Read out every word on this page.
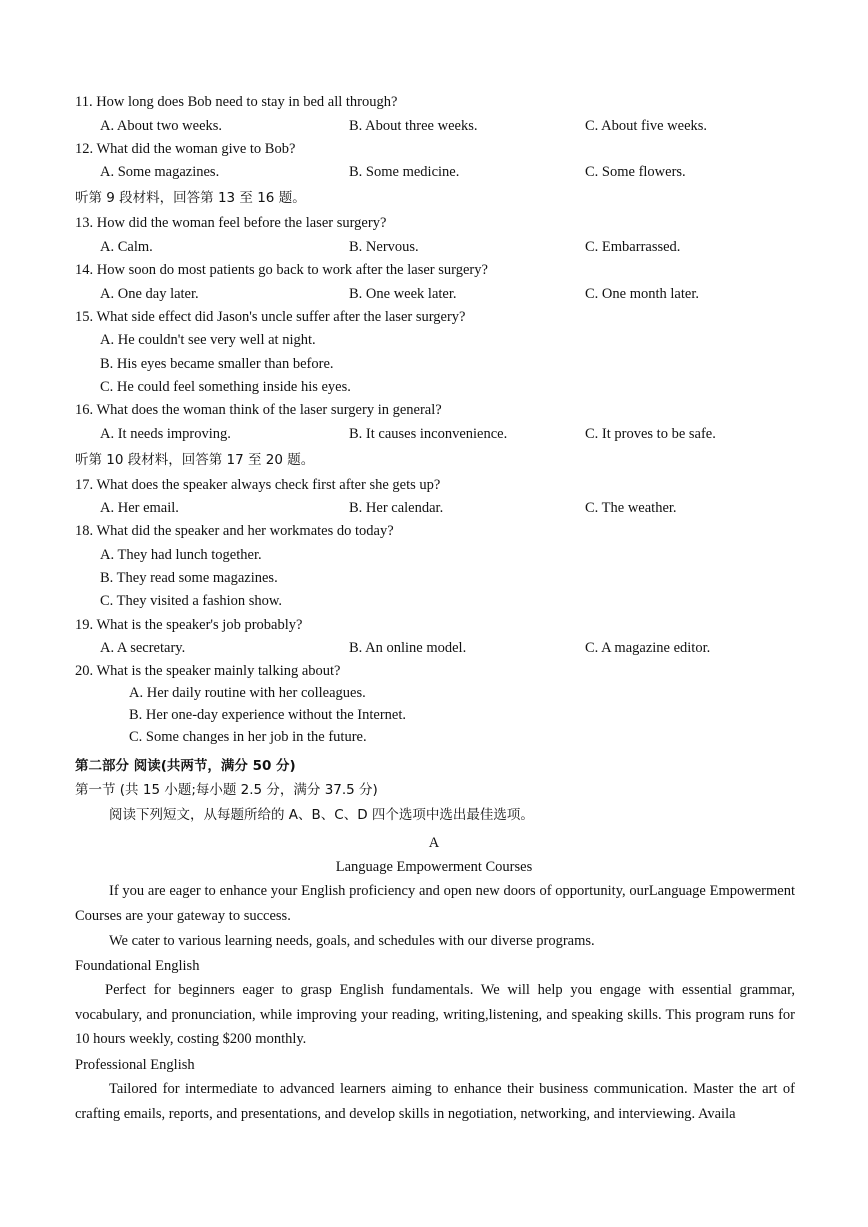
11. How long does Bob need to stay in bed all through?
A. About two weeks.	B. About three weeks.	C. About five weeks.
12. What did the woman give to Bob?
A. Some magazines.	B. Some medicine.	C. Some flowers.
听第 9 段材料，回答第 13 至 16 题。
13. How did the woman feel before the laser surgery?
A. Calm.	B. Nervous.	C. Embarrassed.
14. How soon do most patients go back to work after the laser surgery?
A. One day later.	B. One week later.	C. One month later.
15. What side effect did Jason's uncle suffer after the laser surgery?
A. He couldn't see very well at night.
B. His eyes became smaller than before.
C. He could feel something inside his eyes.
16. What does the woman think of the laser surgery in general?
A. It needs improving.	B. It causes inconvenience.	C. It proves to be safe.
听第 10 段材料，回答第 17 至 20 题。
17. What does the speaker always check first after she gets up?
A. Her email.	B. Her calendar.	C. The weather.
18. What did the speaker and her workmates do today?
A. They had lunch together.
B. They read some magazines.
C. They visited a fashion show.
19. What is the speaker's job probably?
A. A secretary.	B. An online model.	C. A magazine editor.
20. What is the speaker mainly talking about?
A. Her daily routine with her colleagues.
B. Her one-day experience without the Internet.
C. Some changes in her job in the future.
第二部分 阅读(共两节，满分 50 分)
第一节 (共 15 小题;每小题 2.5 分，满分 37.5 分)
阅读下列短文，从每题所给的 A、B、C、D 四个选项中选出最佳选项。
A
Language Empowerment Courses
If you are eager to enhance your English proficiency and open new doors of opportunity, ourLanguage Empowerment Courses are your gateway to success.
We cater to various learning needs, goals, and schedules with our diverse programs.
Foundational English
Perfect for beginners eager to grasp English fundamentals. We will help you engage with essential grammar, vocabulary, and pronunciation, while improving your reading, writing,listening, and speaking skills. This program runs for 10 hours weekly, costing $200 monthly.
Professional English
Tailored for intermediate to advanced learners aiming to enhance their business communication. Master the art of crafting emails, reports, and presentations, and develop skills in negotiation, networking, and interviewing. Availa
